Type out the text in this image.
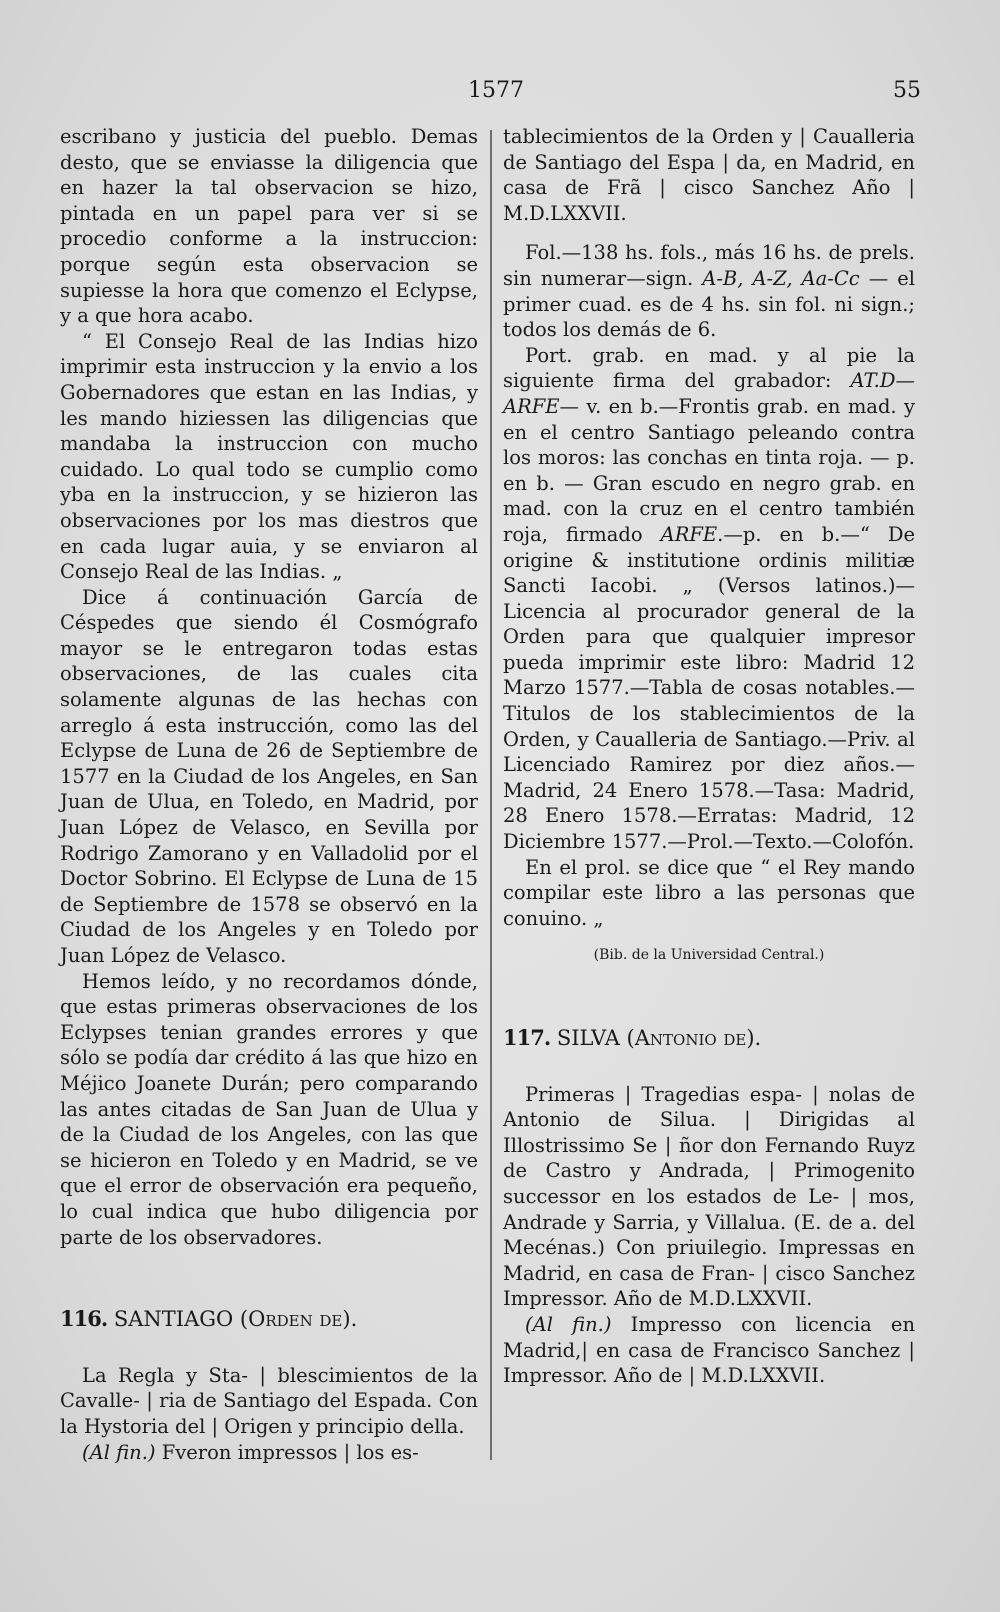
1577	55

escribano y justicia del pueblo. Demas desto, que se enviasse la diligencia que en hazer la tal observacion se hizo, pintada en un papel para ver si se procedio conforme a la instruccion: porque según esta observacion se supiesse la hora que comenzo el Eclypse, y a que hora acabo.

“ El Consejo Real de las Indias hizo imprimir esta instruccion y la envio a los Gobernadores que estan en las Indias, y les mando hiziessen las diligencias que mandaba la instruccion con mucho cuidado. Lo qual todo se cumplio como yba en la instruccion, y se hizieron las observaciones por los mas diestros que en cada lugar auia, y se enviaron al Consejo Real de las Indias. „

Dice á continuación García de Céspedes que siendo él Cosmógrafo mayor se le entregaron todas estas observaciones, de las cuales cita solamente algunas de las hechas con arreglo á esta instrucción, como las del Eclypse de Luna de 26 de Septiembre de 1577 en la Ciudad de los Angeles, en San Juan de Ulua, en Toledo, en Madrid, por Juan López de Velasco, en Sevilla por Rodrigo Zamorano y en Valladolid por el Doctor Sobrino. El Eclypse de Luna de 15 de Septiembre de 1578 se observó en la Ciudad de los Angeles y en Toledo por Juan López de Velasco.

Hemos leído, y no recordamos dónde, que estas primeras observaciones de los Eclypses tenian grandes errores y que sólo se podía dar crédito á las que hizo en Méjico Joanete Durán; pero comparando las antes citadas de San Juan de Ulua y de la Ciudad de los Angeles, con las que se hicieron en Toledo y en Madrid, se ve que el error de observación era pequeño, lo cual indica que hubo diligencia por parte de los observadores.

116. SANTIAGO (Orden de).

La Regla y Sta- | blescimientos de la Cavalle- | ria de Santiago del Espada. Con la Hystoria del | Origen y principio della.

(Al fin.) Fveron impressos | los es-

tablecimientos de la Orden y | Caualleria de Santiago del Espa | da, en Madrid, en casa de Frã | cisco Sanchez Año | M.D.LXXVII.

Fol.—138 hs. fols., más 16 hs. de prels. sin numerar—sign. A-B, A-Z, Aa-Cc — el primer cuad. es de 4 hs. sin fol. ni sign.; todos los demás de 6.

Port. grab. en mad. y al pie la siguiente firma del grabador: AT.D—ARFE— v. en b.—Frontis grab. en mad. y en el centro Santiago peleando contra los moros: las conchas en tinta roja. — p. en b. — Gran escudo en negro grab. en mad. con la cruz en el centro también roja, firmado ARFE.—p. en b.—“ De origine & institutione ordinis militiæ Sancti Iacobi. „ (Versos latinos.)—Licencia al procurador general de la Orden para que qualquier impresor pueda imprimir este libro: Madrid 12 Marzo 1577.—Tabla de cosas notables.—Titulos de los stablecimientos de la Orden, y Caualleria de Santiago.—Priv. al Licenciado Ramirez por diez años.—Madrid, 24 Enero 1578.—Tasa: Madrid, 28 Enero 1578.—Erratas: Madrid, 12 Diciembre 1577.—Prol.—Texto.—Colofón.

En el prol. se dice que “ el Rey mando compilar este libro a las personas que conuino. „

(Bib. de la Universidad Central.)

117. SILVA (Antonio de).

Primeras | Tragedias espa- | nolas de Antonio de Silua. | Dirigidas al Illostrissimo Se | ñor don Fernando Ruyz de Castro y Andrada, | Primogenito successor en los estados de Le- | mos, Andrade y Sarria, y Villalua. (E. de a. del Mecénas.) Con priuilegio. Impressas en Madrid, en casa de Fran- | cisco Sanchez Impressor. Año de M.D.LXXVII.

(Al fin.) Impresso con licencia en Madrid,| en casa de Francisco Sanchez | Impressor. Año de | M.D.LXXVII.
